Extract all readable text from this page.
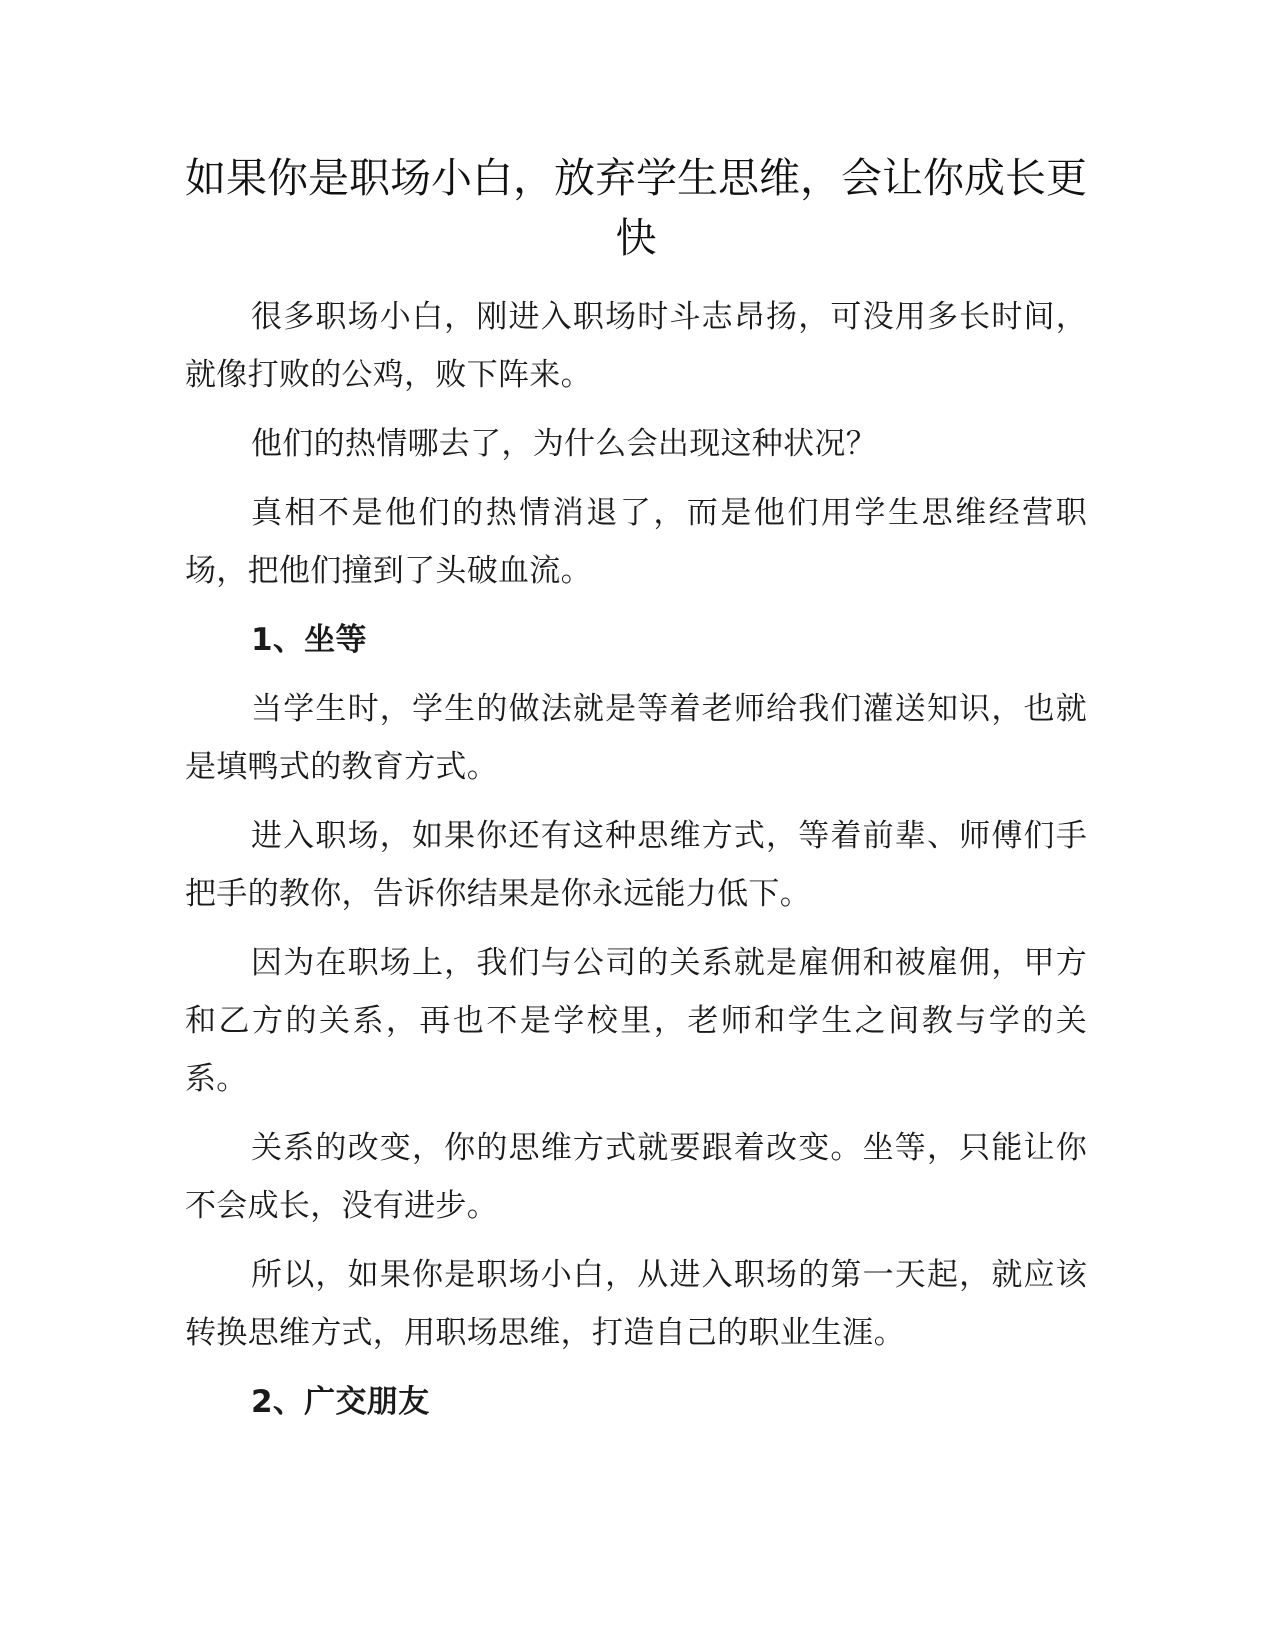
如果你是职场小白，放弃学生思维，会让你成长更快

很多职场小白，刚进入职场时斗志昂扬，可没用多长时间，就像打败的公鸡，败下阵来。

他们的热情哪去了，为什么会出现这种状况？

真相不是他们的热情消退了，而是他们用学生思维经营职场，把他们撞到了头破血流。

1、坐等

当学生时，学生的做法就是等着老师给我们灌送知识，也就是填鸭式的教育方式。

进入职场，如果你还有这种思维方式，等着前辈、师傅们手把手的教你，告诉你结果是你永远能力低下。

因为在职场上，我们与公司的关系就是雇佣和被雇佣，甲方和乙方的关系，再也不是学校里，老师和学生之间教与学的关系。

关系的改变，你的思维方式就要跟着改变。坐等，只能让你不会成长，没有进步。

所以，如果你是职场小白，从进入职场的第一天起，就应该转换思维方式，用职场思维，打造自己的职业生涯。

2、广交朋友
